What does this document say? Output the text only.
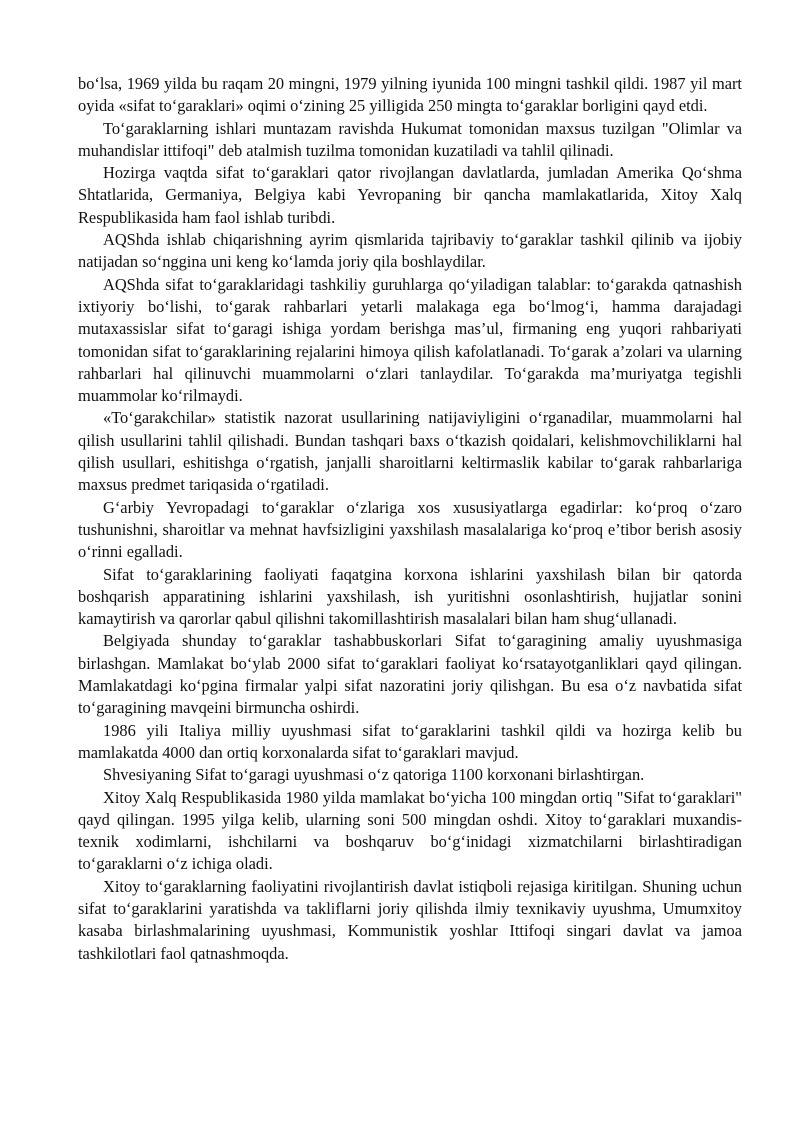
bo‘lsa, 1969 yilda bu raqam 20 mingni, 1979 yilning iyunida 100 mingni tashkil qildi. 1987 yil mart oyida «sifat to‘garaklari» oqimi o‘zining 25 yilligida 250 mingta to‘garaklar borligini qayd etdi.

To‘garaklarning ishlari muntazam ravishda Hukumat tomonidan maxsus tuzilgan "Olimlar va muhandislar ittifoqi" deb atalmish tuzilma tomonidan kuzatiladi va tahlil qilinadi.

Hozirga vaqtda sifat to‘garaklari qator rivojlangan davlatlarda, jumladan Amerika Qo‘shma Shtatlarida, Germaniya, Belgiya kabi Yevropaning bir qancha mamlakatlarida, Xitoy Xalq Respublikasida ham faol ishlab turibdi.

AQShda ishlab chiqarishning ayrim qismlarida tajribaviy to‘garaklar tashkil qilinib va ijobiy natijadan so‘nggina uni keng ko‘lamda joriy qila boshlaydilar.

AQShda sifat to‘garaklaridagi tashkiliy guruhlarga qo‘yiladigan talablar: to‘garakda qatnashish ixtiyoriy bo‘lishi, to‘garak rahbarlari yetarli malakaga ega bo‘lmog‘i, hamma darajadagi mutaxassislar sifat to‘garagi ishiga yordam berishga mas’ul, firmaning eng yuqori rahbariyati tomonidan sifat to‘garaklarining rejalarini himoya qilish kafolatlanadi. To‘garak a’zolari va ularning rahbarlari hal qilinuvchi muammolarni o‘zlari tanlaydilar. To‘garakda ma’muriyatga tegishli muammolar ko‘rilmaydi.

«To‘garakchilar» statistik nazorat usullarining natijaviyligini o‘rganadilar, muammolarni hal qilish usullarini tahlil qilishadi. Bundan tashqari baxs o‘tkazish qoidalari, kelishmovchiliklarni hal qilish usullari, eshitishga o‘rgatish, janjalli sharoitlarni keltirmaslik kabilar to‘garak rahbarlariga maxsus predmet tariqasida o‘rgatiladi.

G‘arbiy Yevropadagi to‘garaklar o‘zlariga xos xususiyatlarga egadirlar: ko‘proq o‘zaro tushunishni, sharoitlar va mehnat havfsizligini yaxshilash masalalariga ko‘proq e’tibor berish asosiy o‘rinni egalladi.

Sifat to‘garaklarining faoliyati faqatgina korxona ishlarini yaxshilash bilan bir qatorda boshqarish apparatining ishlarini yaxshilash, ish yuritishni osonlashtirish, hujjatlar sonini kamaytirish va qarorlar qabul qilishni takomillashtirish masalalari bilan ham shug‘ullanadi.

Belgiyada shunday to‘garaklar tashabbuskorlari Sifat to‘garagining amaliy uyushmasiga birlashgan. Mamlakat bo‘ylab 2000 sifat to‘garaklari faoliyat ko‘rsatayotganliklari qayd qilingan. Mamlakatdagi ko‘pgina firmalar yalpi sifat nazoratini joriy qilishgan. Bu esa o‘z navbatida sifat to‘garagining mavqeini birmuncha oshirdi.

1986 yili Italiya milliy uyushmasi sifat to‘garaklarini tashkil qildi va hozirga kelib bu mamlakatda 4000 dan ortiq korxonalarda sifat to‘garaklari mavjud.

Shvesiyaning Sifat to‘garagi uyushmasi o‘z qatoriga 1100 korxonani birlashtirgan.

Xitoy Xalq Respublikasida 1980 yilda mamlakat bo‘yicha 100 mingdan ortiq "Sifat to‘garaklari" qayd qilingan. 1995 yilga kelib, ularning soni 500 mingdan oshdi. Xitoy to‘garaklari muxandis-texnik xodimlarni, ishchilarni va boshqaruv bo‘g‘inidagi xizmatchilarni birlashtiradigan to‘garaklarni o‘z ichiga oladi.

Xitoy to‘garaklarning faoliyatini rivojlantirish davlat istiqboli rejasiga kiritilgan. Shuning uchun sifat to‘garaklarini yaratishda va takliflarni joriy qilishda ilmiy texnikaviy uyushma, Umumxitoy kasaba birlashmalarining uyushmasi, Kommunistik yoshlar Ittifoqi singari davlat va jamoa tashkilotlari faol qatnashmoqda.
